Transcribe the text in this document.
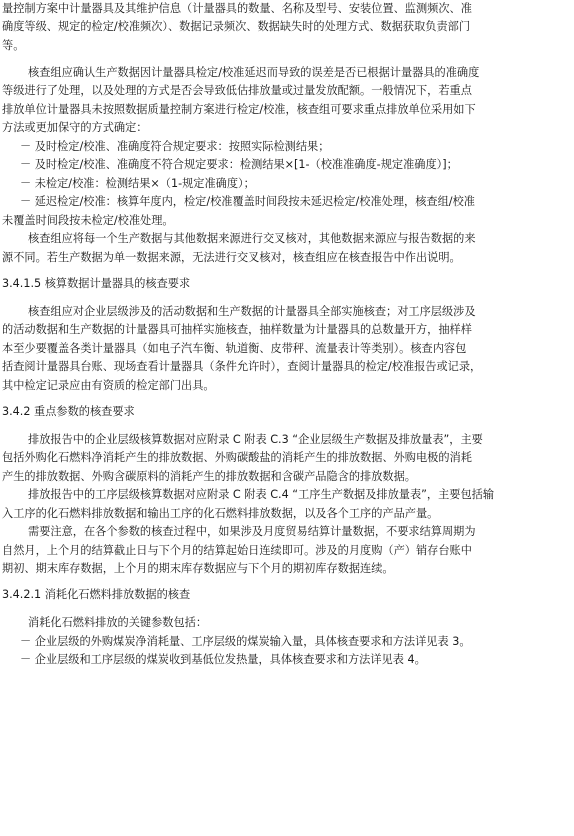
量控制方案中计量器具及其维护信息（计量器具的数量、名称及型号、安装位置、监测频次、准
确度等级、规定的检定/校准频次）、数据记录频次、数据缺失时的处理方式、数据获取负责部门
等。
核查组应确认生产数据因计量器具检定/校准延迟而导致的误差是否已根据计量器具的准确度
等级进行了处理，以及处理的方式是否会导致低估排放量或过量发放配额。一般情况下，若重点
排放单位计量器具未按照数据质量控制方案进行检定/校准，核查组可要求重点排放单位采用如下
方法或更加保守的方式确定：
－ 及时检定/校准、准确度符合规定要求：按照实际检测结果；
－ 及时检定/校准、准确度不符合规定要求：检测结果×[1-（校准准确度-规定准确度）]；
－ 未检定/校准：检测结果×（1-规定准确度）；
－ 延迟检定/校准：核算年度内，检定/校准覆盖时间段按未延迟检定/校准处理，核查组/校准
未覆盖时间段按未检定/校准处理。
核查组应将每一个生产数据与其他数据来源进行交叉核对，其他数据来源应与报告数据的来
源不同。若生产数据为单一数据来源，无法进行交叉核对，核查组应在核查报告中作出说明。
3.4.1.5 核算数据计量器具的核查要求
核查组应对企业层级涉及的活动数据和生产数据的计量器具全部实施核查；对工序层级涉及
的活动数据和生产数据的计量器具可抽样实施核查，抽样数量为计量器具的总数量开方，抽样样
本至少要覆盖各类计量器具（如电子汽车衡、轨道衡、皮带秤、流量表计等类别）。核查内容包
括查阅计量器具台账、现场查看计量器具（条件允许时），查阅计量器具的检定/校准报告或记录，
其中检定记录应由有资质的检定部门出具。
3.4.2 重点参数的核查要求
排放报告中的企业层级核算数据对应附录 C 附表 C.3 “企业层级生产数据及排放量表”，主要
包括外购化石燃料净消耗产生的排放数据、外购碳酸盐的消耗产生的排放数据、外购电极的消耗
产生的排放数据、外购含碳原料的消耗产生的排放数据和含碳产品隐含的排放数据。
排放报告中的工序层级核算数据对应附录 C 附表 C.4 “工序生产数据及排放量表”，主要包括输
入工序的化石燃料排放数据和输出工序的化石燃料排放数据，以及各个工序的产品产量。
需要注意，在各个参数的核查过程中，如果涉及月度贸易结算计量数据，不要求结算周期为
自然月，上个月的结算截止日与下个月的结算起始日连续即可。涉及的月度购（产）销存台账中
期初、期末库存数据，上个月的期末库存数据应与下个月的期初库存数据连续。
3.4.2.1 消耗化石燃料排放数据的核查
消耗化石燃料排放的关键参数包括：
－ 企业层级的外购煤炭净消耗量、工序层级的煤炭输入量，具体核查要求和方法详见表 3。
－ 企业层级和工序层级的煤炭收到基低位发热量，具体核查要求和方法详见表 4。
